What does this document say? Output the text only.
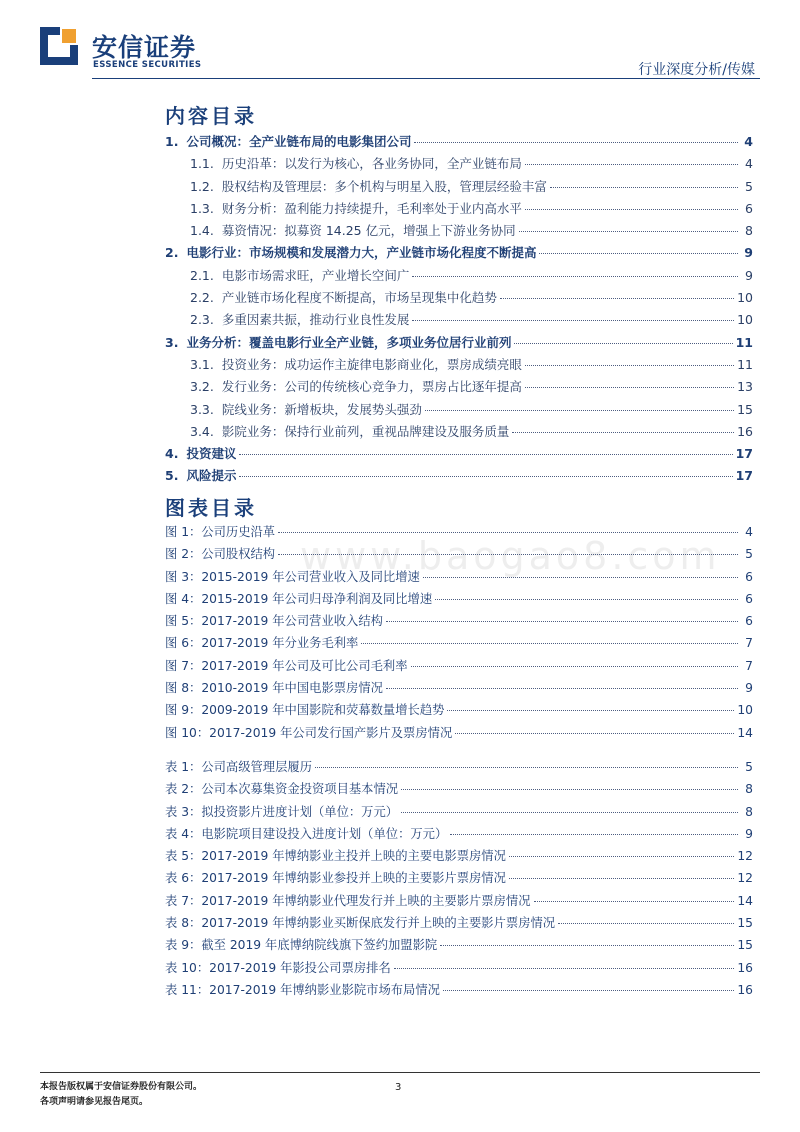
安信证券
ESSENCE SECURITIES	行业深度分析/传媒
内容目录
1. 公司概况：全产业链布局的电影集团公司	4
1.1. 历史沿革：以发行为核心，各业务协同，全产业链布局	4
1.2. 股权结构及管理层：多个机构与明星入股，管理层经验丰富	5
1.3. 财务分析：盈利能力持续提升，毛利率处于业内高水平	6
1.4. 募资情况：拟募资 14.25 亿元，增强上下游业务协同	8
2. 电影行业：市场规模和发展潜力大，产业链市场化程度不断提高	9
2.1. 电影市场需求旺，产业增长空间广	9
2.2. 产业链市场化程度不断提高，市场呈现集中化趋势	10
2.3. 多重因素共振，推动行业良性发展	10
3. 业务分析：覆盖电影行业全产业链，多项业务位居行业前列	11
3.1. 投资业务：成功运作主旋律电影商业化，票房成绩亮眼	11
3.2. 发行业务：公司的传统核心竞争力，票房占比逐年提高	13
3.3. 院线业务：新增板块，发展势头强劲	15
3.4. 影院业务：保持行业前列，重视品牌建设及服务质量	16
4. 投资建议	17
5. 风险提示	17
图表目录
www.baogao8.com
图 1：公司历史沿革	4
图 2：公司股权结构	5
图 3：2015-2019 年公司营业收入及同比增速	6
图 4：2015-2019 年公司归母净利润及同比增速	6
图 5：2017-2019 年公司营业收入结构	6
图 6：2017-2019 年分业务毛利率	7
图 7：2017-2019 年公司及可比公司毛利率	7
图 8：2010-2019 年中国电影票房情况	9
图 9：2009-2019 年中国影院和荧幕数量增长趋势	10
图 10：2017-2019 年公司发行国产影片及票房情况	14
表 1：公司高级管理层履历	5
表 2：公司本次募集资金投资项目基本情况	8
表 3：拟投资影片进度计划（单位：万元）	8
表 4：电影院项目建设投入进度计划（单位：万元）	9
表 5：2017-2019 年博纳影业主投并上映的主要电影票房情况	12
表 6：2017-2019 年博纳影业参投并上映的主要影片票房情况	12
表 7：2017-2019 年博纳影业代理发行并上映的主要影片票房情况	14
表 8：2017-2019 年博纳影业买断保底发行并上映的主要影片票房情况	15
表 9：截至 2019 年底博纳院线旗下签约加盟影院	15
表 10：2017-2019 年影投公司票房排名	16
表 11：2017-2019 年博纳影业影院市场布局情况	16
本报告版权属于安信证券股份有限公司。
各项声明请参见报告尾页。
3
